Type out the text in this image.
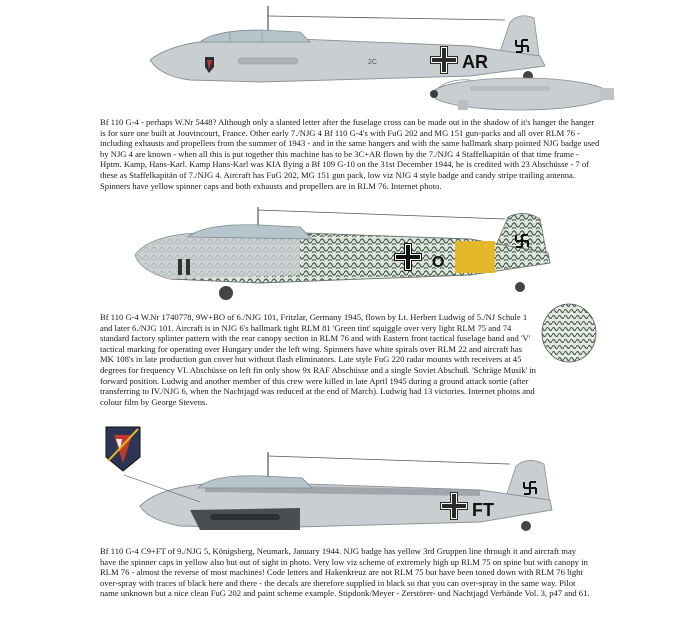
2C	AR

Bf 110 G-4 - perhaps W.Nr 5448? Although only a slanted letter after the fuselage cross can be made out in the shadow of it's hanger the hanger is for sure one built at Jouvincourt, France. Other early 7./NJG 4 Bf 110 G-4's with FuG 202 and MG 151 gun-packs and all over RLM 76 - including exhausts and propellers from the summer of 1943 - and in the same hangers and with the same hallmark sharp pointed NJG badge used by NJG 4 are known - when all this is put together this machine has to be 3C+AR flown by the 7./NJG 4 Staffelkapitän of that time frame - Hptm. Kamp, Hans-Karl. Kamp Hans-Karl was KIA flying a Bf 109 G-10 on the 31st December 1944, he is credited with 23 Abschüsse - 7 of these as Staffelkapitän of 7./NJG 4. Aircraft has FuG 202, MG 151 gun pack, low viz NJG 4 style badge and candy stripe trailing antenna. Spinners have yellow spinner caps and both exhausts and propellers are in RLM 76. Internet photo.

O

Bf 110 G-4 W.Nr 1740778, 9W+BO of 6./NJG 101, Fritzlar, Germany 1945, flown by Lt. Herbert Ludwig of 5./NJ Schule 1 and later 6./NJG 101. Aircraft is in NJG 6's hallmark tight RLM 81 'Green tint' squiggle over very light RLM 75 and 74 standard factory splinter pattern with the rear canopy section in RLM 76 and with Eastern front tactical fuselage band and 'V' tactical marking for operating over Hungary under the left wing. Spinners have white spirals over RLM 22 and aircraft has MK 108's in late production gun cover but without flash eliminators. Late style FuG 220 radar mounts with receivers at 45 degrees for frequency VI. Abschüsse on left fin only show 9x RAF Abschüsse and a single Soviet Abschuß. 'Schräge Musik' in forward position. Ludwig and another member of this crew were killed in late April 1945 during a ground attack sortie (after transferring to IV./NJG 6, when the Nachtjagd was reduced at the end of March). Ludwig had 13 victories. Internet photos and colour film by George Stevens.

FT

Bf 110 G-4 C9+FT of 9./NJG 5, Königsberg, Neumark, January 1944. NJG badge has yellow 3rd Gruppen line through it and aircraft may have the spinner caps in yellow also but out of sight in photo. Very low viz scheme of extremely high up RLM 75 on spine but with canopy in RLM 76 - almost the reverse of most machines! Code letters and Hakenkreuz are not RLM 75 but have been toned down with RLM 76 light over-spray with traces of black here and there - the decals are therefore supplied in black so that you can over-spray in the same way. Pilot name unknown but a nice clean FuG 202 and paint scheme example. Stipdonk/Meyer - Zerstörer- und Nachtjagd Verbände Vol. 3, p47 and 61.
